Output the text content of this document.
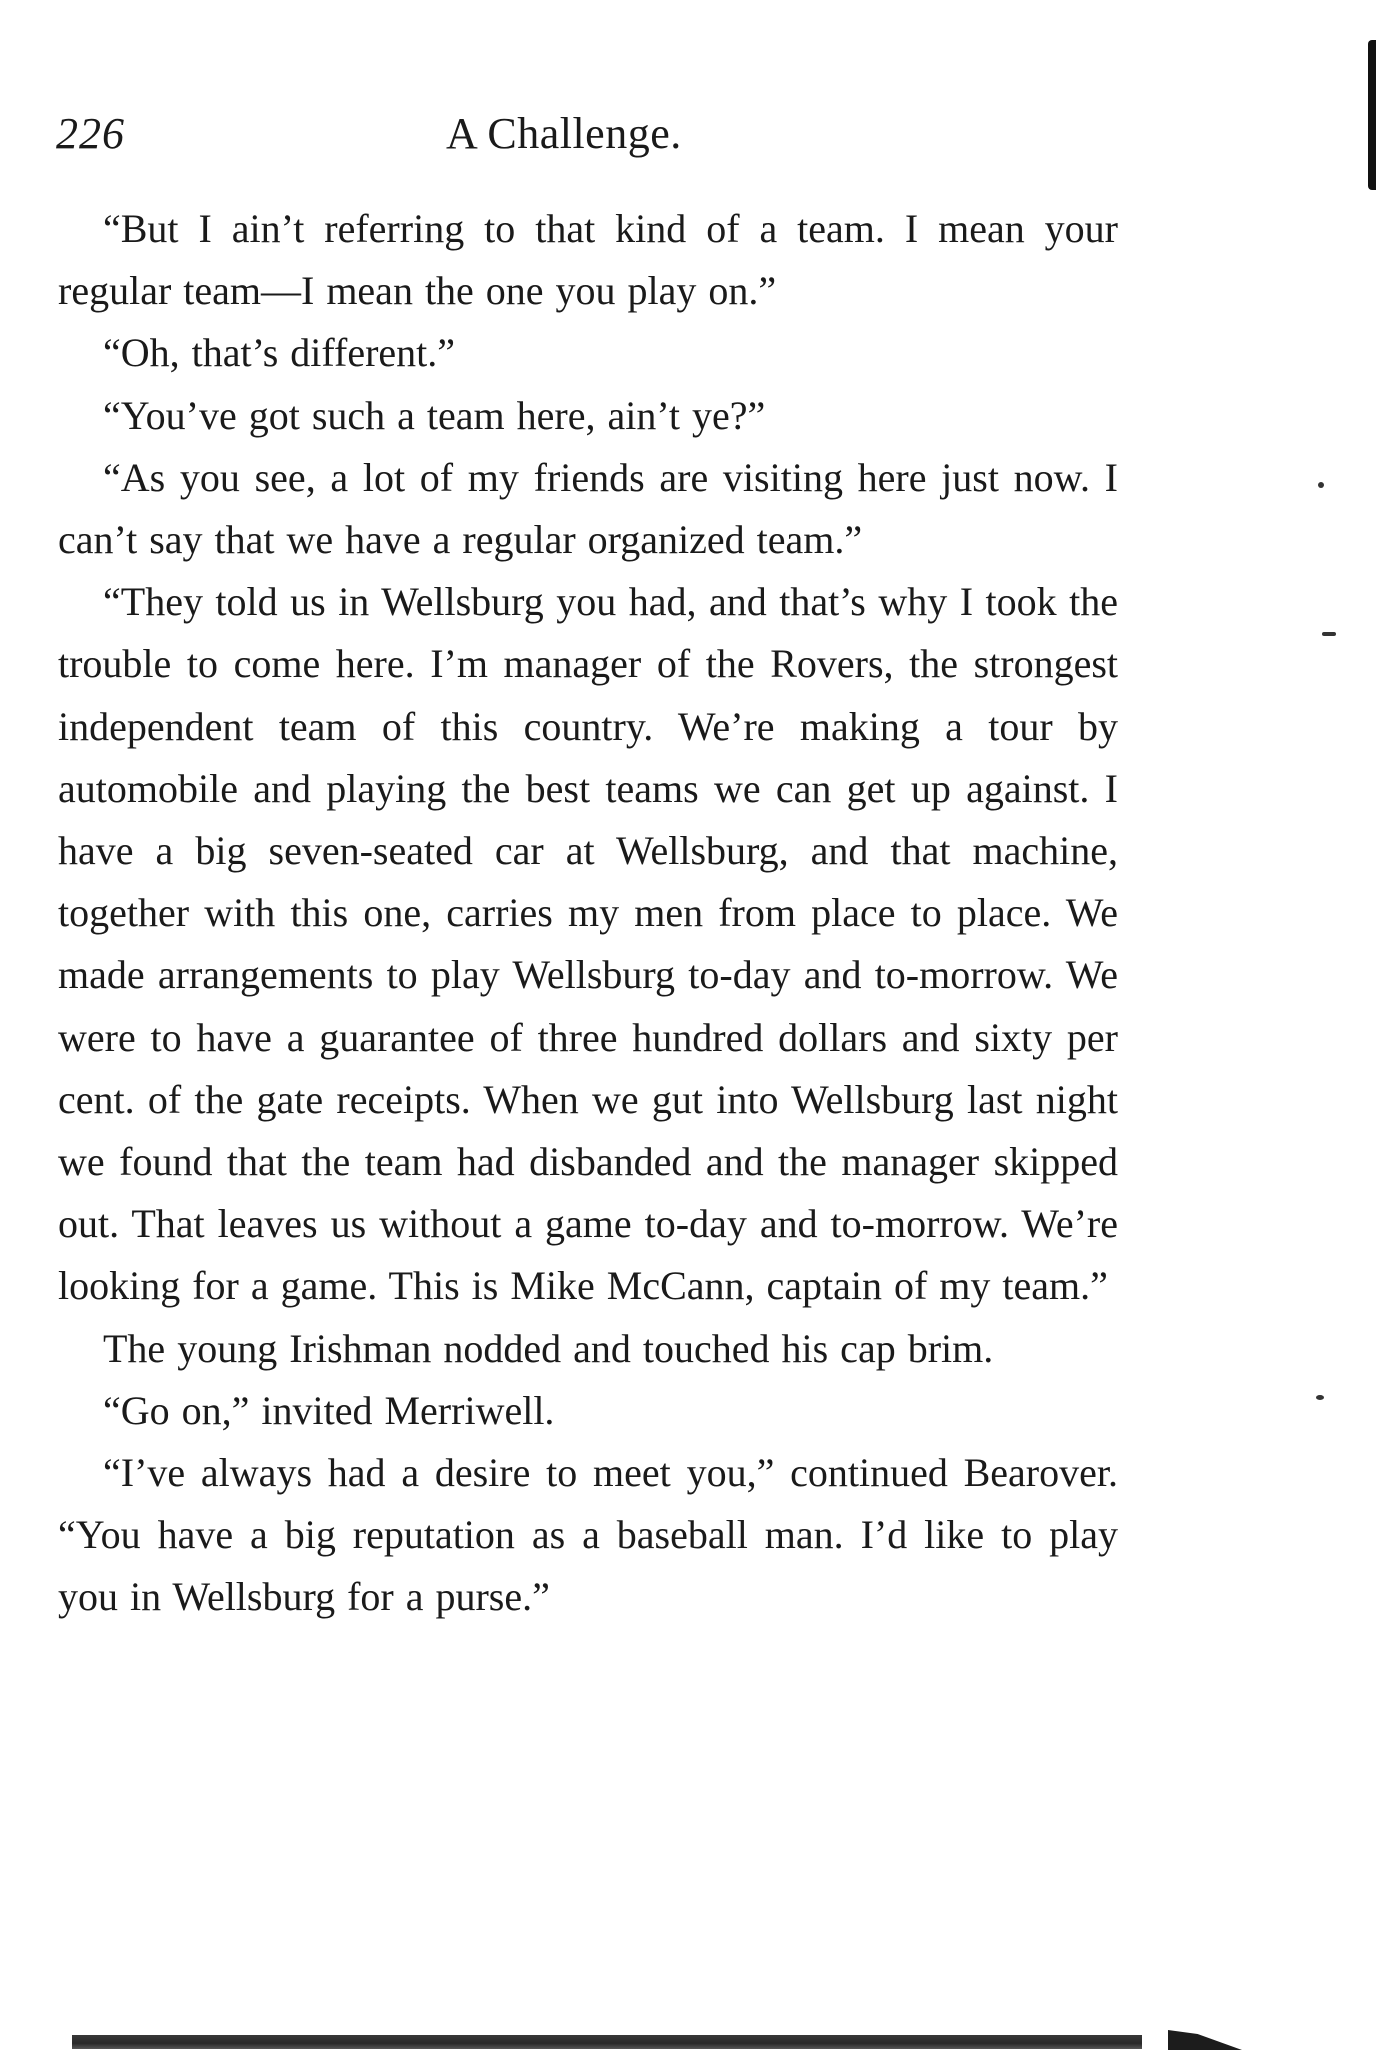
226	A Challenge.

“But I ain’t referring to that kind of a team. I mean your regular team—I mean the one you play on.”

“Oh, that’s different.”

“You’ve got such a team here, ain’t ye?”

“As you see, a lot of my friends are visiting here just now. I can’t say that we have a regular organized team.”

“They told us in Wellsburg you had, and that’s why I took the trouble to come here. I’m manager of the Rovers, the strongest independent team of this country. We’re making a tour by automobile and playing the best teams we can get up against. I have a big seven-seated car at Wellsburg, and that machine, together with this one, carries my men from place to place. We made arrangements to play Wellsburg to-day and to-morrow. We were to have a guarantee of three hundred dollars and sixty per cent. of the gate receipts. When we gut into Wellsburg last night we found that the team had disbanded and the manager skipped out. That leaves us without a game to-day and to-morrow. We’re looking for a game. This is Mike McCann, captain of my team.”

The young Irishman nodded and touched his cap brim.

“Go on,” invited Merriwell.

“I’ve always had a desire to meet you,” continued Bearover. “You have a big reputation as a baseball man. I’d like to play you in Wellsburg for a purse.”
